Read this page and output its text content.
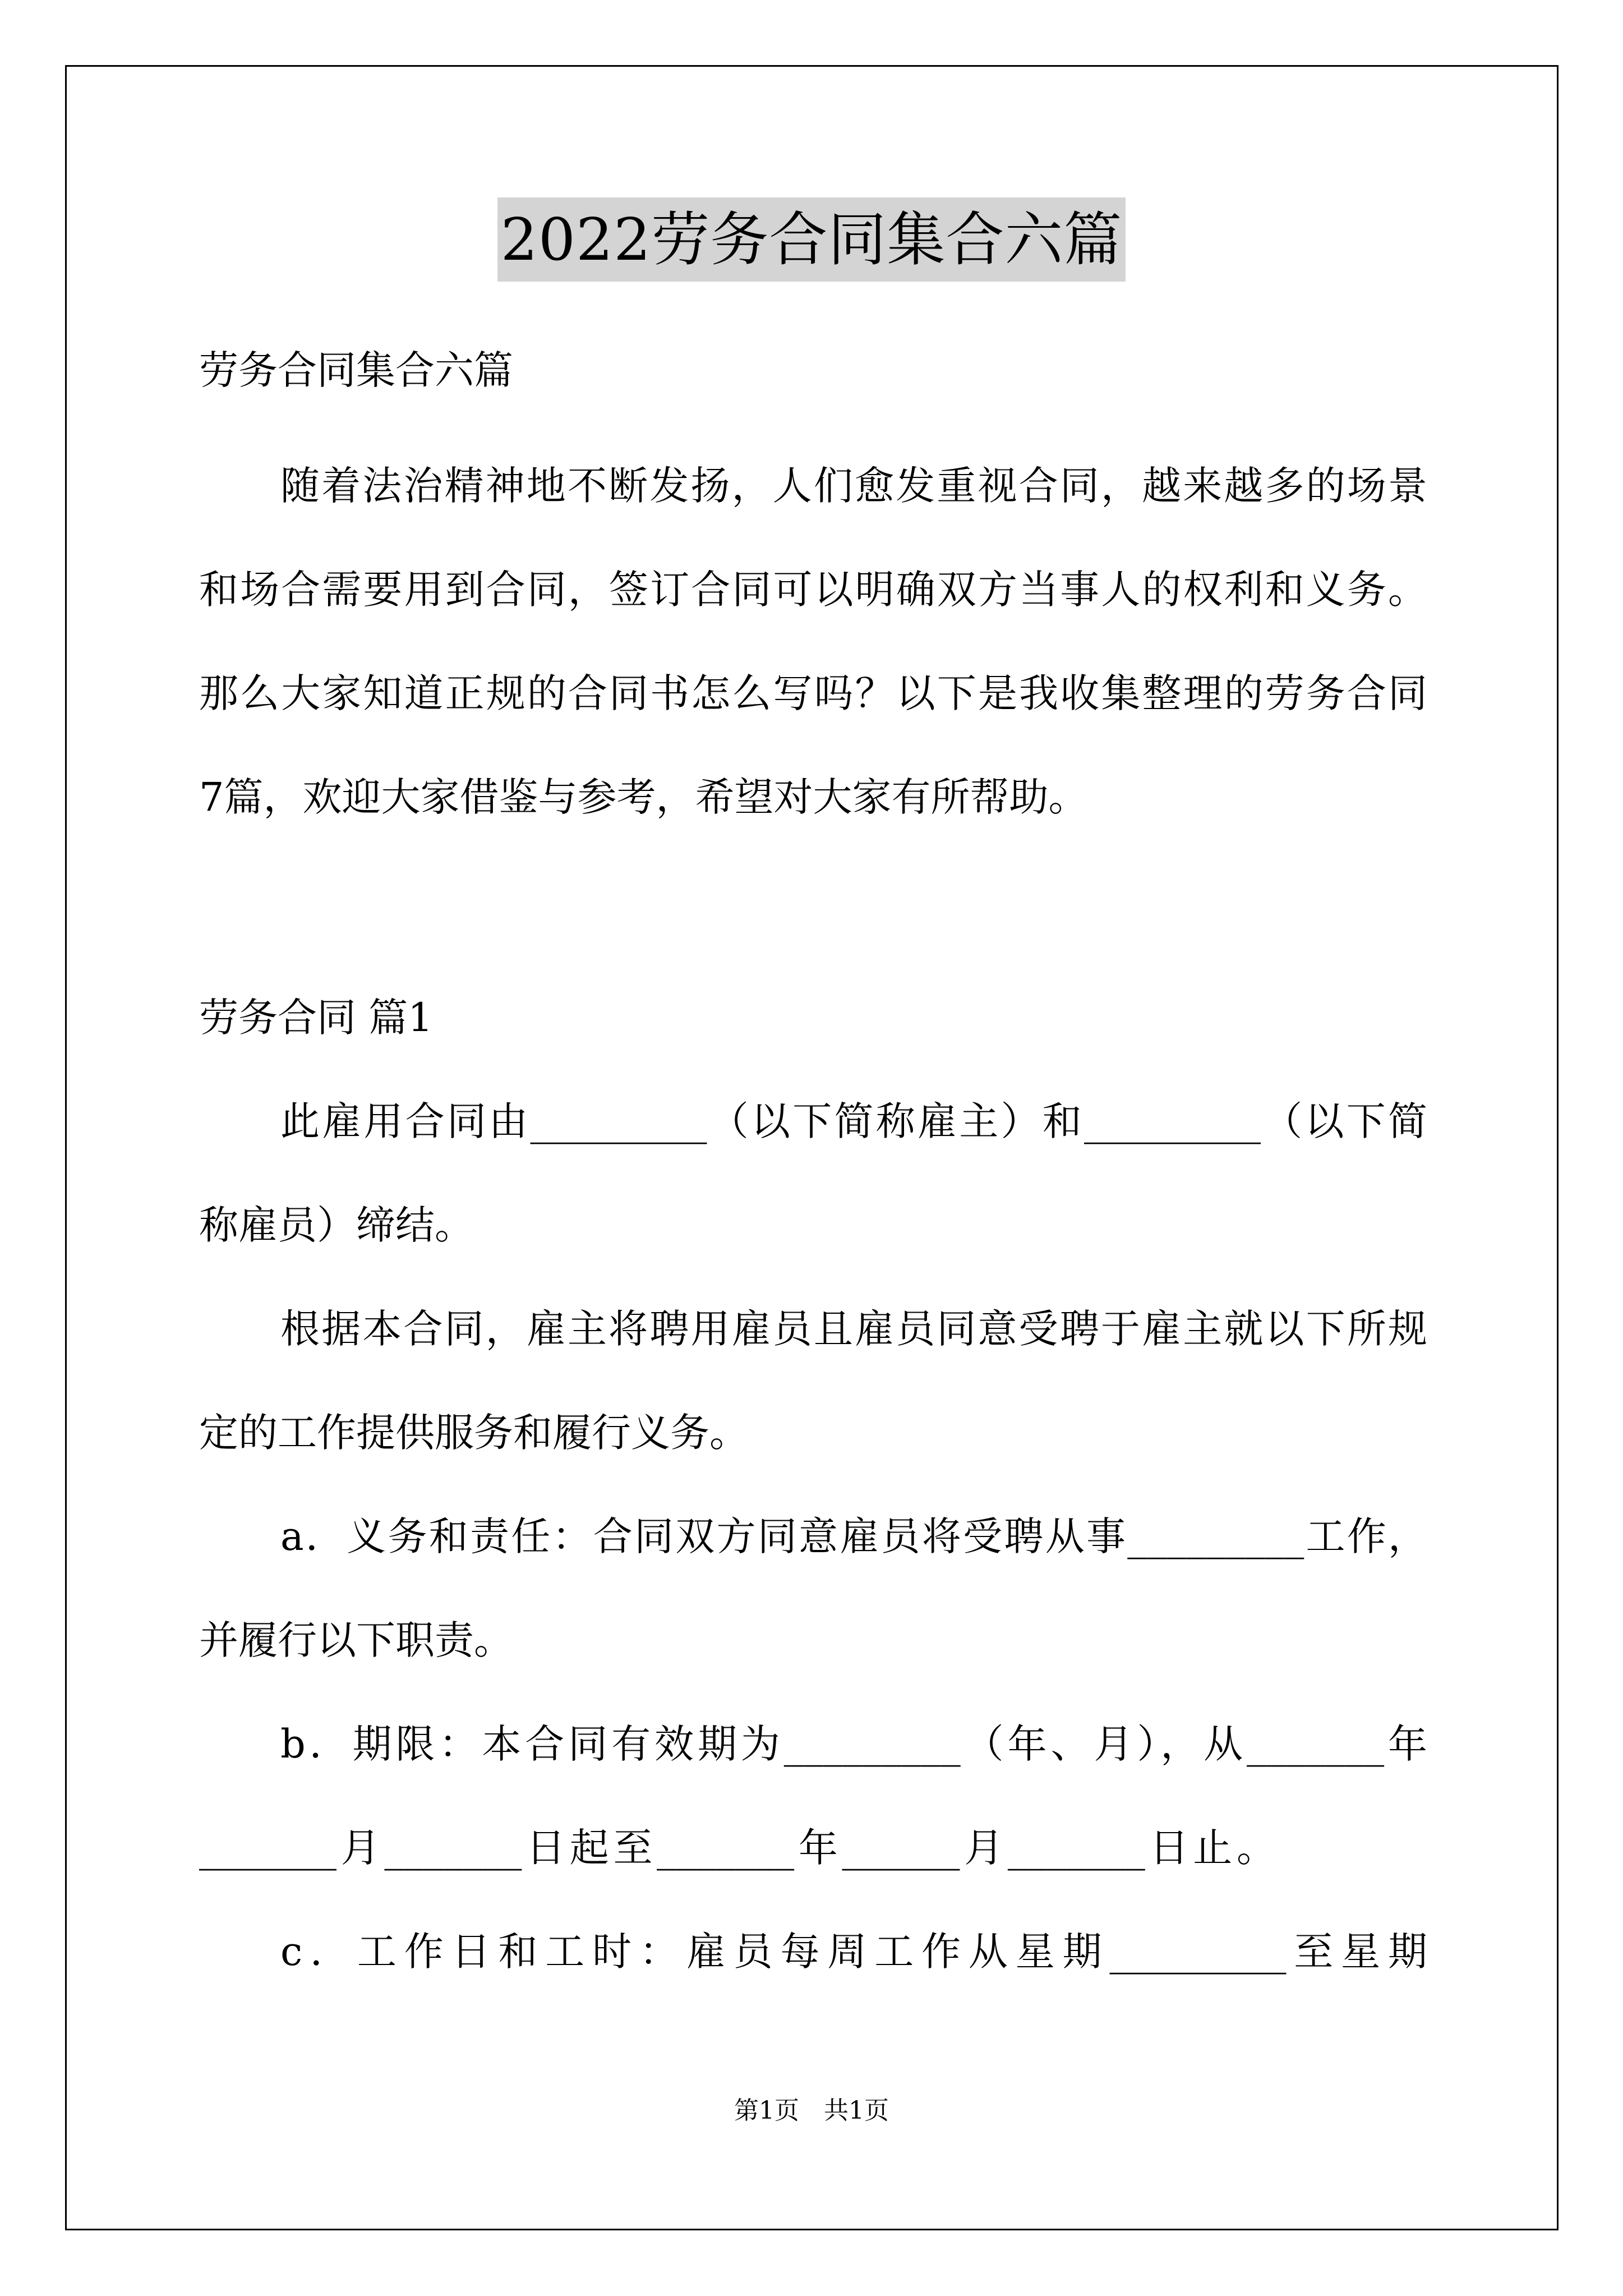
2022劳务合同集合六篇
劳务合同集合六篇
随着法治精神地不断发扬，人们愈发重视合同，越来越多的场景
和场合需要用到合同，签订合同可以明确双方当事人的权利和义务。
那么大家知道正规的合同书怎么写吗？以下是我收集整理的劳务合同
7篇，欢迎大家借鉴与参考，希望对大家有所帮助。
劳务合同 篇1
此雇用合同由_________（以下简称雇主）和_________（以下简
称雇员）缔结。
根据本合同，雇主将聘用雇员且雇员同意受聘于雇主就以下所规
定的工作提供服务和履行义务。
a．义务和责任：合同双方同意雇员将受聘从事_________工作，
并履行以下职责。
b．期限：本合同有效期为_________（年、月），从_______年
_______月_______日起至_______年______月_______日止。
c．工作日和工时：雇员每周工作从星期_________至星期
第1页　共1页
